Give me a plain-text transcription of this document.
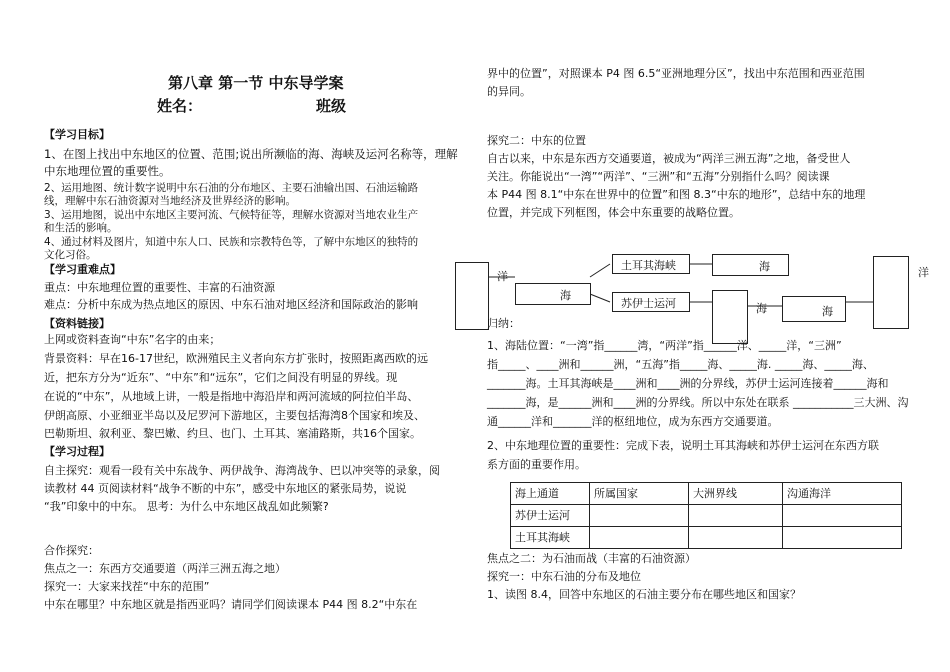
第八章 第一节 中东导学案
姓名：	班级
【学习目标】
1、在图上找出中东地区的位置、范围;说出所濒临的海、海峡及运河名称等，理解
中东地理位置的重要性。
2、运用地图、统计数字说明中东石油的分布地区、主要石油输出国、石油运输路
线，理解中东石油资源对当地经济及世界经济的影响。
3、运用地图，说出中东地区主要河流、气候特征等，理解水资源对当地农业生产
和生活的影响。
4、通过材料及图片，知道中东人口、民族和宗教特色等，了解中东地区的独特的
文化习俗。
【学习重难点】
重点：中东地理位置的重要性、丰富的石油资源
难点：分析中东成为热点地区的原因、中东石油对地区经济和国际政治的影响
【资料链接】
上网或资料查询“中东”名字的由来；
背景资料：早在16-17世纪，欧洲殖民主义者向东方扩张时，按照距离西欧的远
近，把东方分为“近东”、“中东”和“远东”，它们之间没有明显的界线。现
在说的“中东”，从地域上讲，一般是指地中海沿岸和两河流域的阿拉伯半岛、
伊朗高原、小亚细亚半岛以及尼罗河下游地区，主要包括海湾8个国家和埃及、
巴勒斯坦、叙利亚、黎巴嫩、约旦、也门、土耳其、塞浦路斯，共16个国家。
【学习过程】
自主探究：观看一段有关中东战争、两伊战争、海湾战争、巴以冲突等的录象，阅
读教材 44 页阅读材料“战争不断的中东”，感受中东地区的紧张局势，说说
“我”印象中的中东。 思考：为什么中东地区战乱如此频繁?
合作探究：
焦点之一：东西方交通要道（两洋三洲五海之地）
探究一：大家来找茬“中东的范围”
中东在哪里？中东地区就是指西亚吗？请同学们阅读课本 P44 图 8.2“中东在
界中的位置”，对照课本 P4 图 6.5“亚洲地理分区”，找出中东范围和西亚范围
的异同。
探究二：中东的位置
自古以来，中东是东西方交通要道，被成为“两洋三洲五海”之地，备受世人
关注。你能说出“一湾”“两洋”、“三洲”和“五海”分别指什么吗？阅读课
本 P44 图 8.1“中东在世界中的位置”和图 8.3“中东的地形”，总结中东的地理
位置，并完成下列框图，体会中东重要的战略位置。
洋
海
土耳其海峡
苏伊士运河
海
海	海
洋
归纳：
1、海陆位置：“一湾”指______湾，“两洋”指______洋、_____洋，“三洲”
指_____、____洲和______洲，“五海”指_____海、_____海. _____海、_____海、
_______海。土耳其海峡是____洲和____洲的分界线，苏伊士运河连接着______海和
_______海，是______洲和____洲的分界线。所以中东处在联系 ___________三大洲、沟
通______洋和_______洋的枢纽地位，成为东西方交通要道。
2、中东地理位置的重要性：完成下表，说明土耳其海峡和苏伊士运河在东西方联
系方面的重要作用。
海上通道	所属国家	大洲界线	沟通海洋
苏伊士运河			
土耳其海峡			
焦点之二：为石油而战（丰富的石油资源）
探究一：中东石油的分布及地位
1、读图 8.4，回答中东地区的石油主要分布在哪些地区和国家？
